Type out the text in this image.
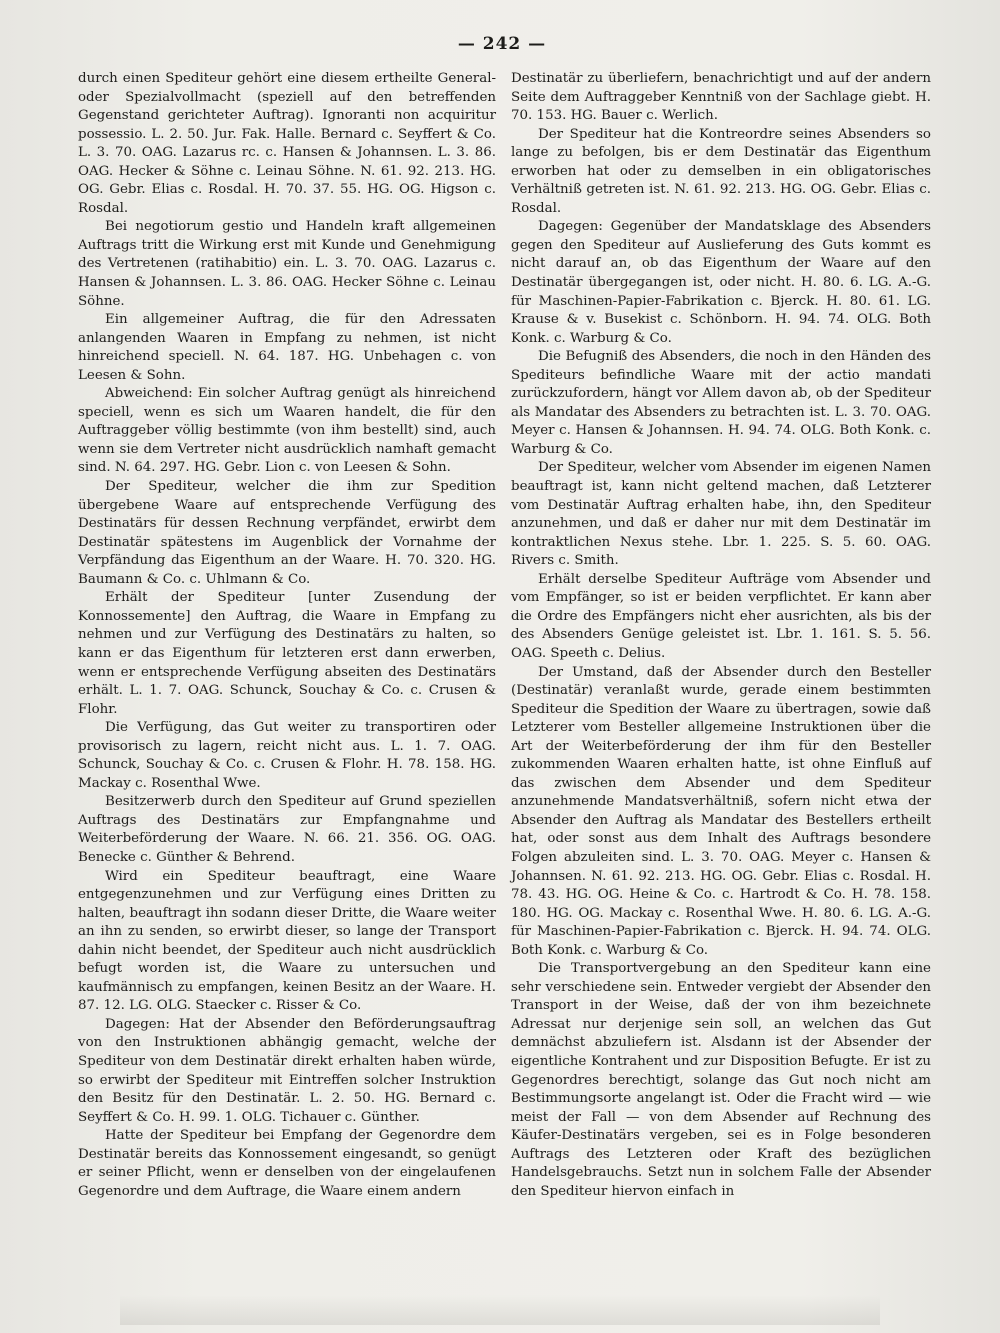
— 242 —

durch einen Spediteur gehört eine diesem ertheilte General- oder Spezialvollmacht (speziell auf den betreffenden Gegenstand gerichteter Auftrag). Ignoranti non acquiritur possessio. L. 2. 50. Jur. Fak. Halle. Bernard c. Seyffert & Co. L. 3. 70. OAG. Lazarus rc. c. Hansen & Johannsen. L. 3. 86. OAG. Hecker & Söhne c. Leinau Söhne. N. 61. 92. 213. HG. OG. Gebr. Elias c. Rosdal. H. 70. 37. 55. HG. OG. Higson c. Rosdal.

Bei negotiorum gestio und Handeln kraft allgemeinen Auftrags tritt die Wirkung erst mit Kunde und Genehmigung des Vertretenen (ratihabitio) ein. L. 3. 70. OAG. Lazarus c. Hansen & Johannsen. L. 3. 86. OAG. Hecker Söhne c. Leinau Söhne.

Ein allgemeiner Auftrag, die für den Adressaten anlangenden Waaren in Empfang zu nehmen, ist nicht hinreichend speciell. N. 64. 187. HG. Unbehagen c. von Leesen & Sohn.

Abweichend: Ein solcher Auftrag genügt als hinreichend speciell, wenn es sich um Waaren handelt, die für den Auftraggeber völlig bestimmte (von ihm bestellt) sind, auch wenn sie dem Vertreter nicht ausdrücklich namhaft gemacht sind. N. 64. 297. HG. Gebr. Lion c. von Leesen & Sohn.

Der Spediteur, welcher die ihm zur Spedition übergebene Waare auf entsprechende Verfügung des Destinatärs für dessen Rechnung verpfändet, erwirbt dem Destinatär spätestens im Augenblick der Vornahme der Verpfändung das Eigenthum an der Waare. H. 70. 320. HG. Baumann & Co. c. Uhlmann & Co.

Erhält der Spediteur [unter Zusendung der Konnossemente] den Auftrag, die Waare in Empfang zu nehmen und zur Verfügung des Destinatärs zu halten, so kann er das Eigenthum für letzteren erst dann erwerben, wenn er entsprechende Verfügung abseiten des Destinatärs erhält. L. 1. 7. OAG. Schunck, Souchay & Co. c. Crusen & Flohr.

Die Verfügung, das Gut weiter zu transportiren oder provisorisch zu lagern, reicht nicht aus. L. 1. 7. OAG. Schunck, Souchay & Co. c. Crusen & Flohr. H. 78. 158. HG. Mackay c. Rosenthal Wwe.

Besitzerwerb durch den Spediteur auf Grund speziellen Auftrags des Destinatärs zur Empfangnahme und Weiterbeförderung der Waare. N. 66. 21. 356. OG. OAG. Benecke c. Günther & Behrend.

Wird ein Spediteur beauftragt, eine Waare entgegenzunehmen und zur Verfügung eines Dritten zu halten, beauftragt ihn sodann dieser Dritte, die Waare weiter an ihn zu senden, so erwirbt dieser, so lange der Transport dahin nicht beendet, der Spediteur auch nicht ausdrücklich befugt worden ist, die Waare zu untersuchen und kaufmännisch zu empfangen, keinen Besitz an der Waare. H. 87. 12. LG. OLG. Staecker c. Risser & Co.

Dagegen: Hat der Absender den Beförderungsauftrag von den Instruktionen abhängig gemacht, welche der Spediteur von dem Destinatär direkt erhalten haben würde, so erwirbt der Spediteur mit Eintreffen solcher Instruktion den Besitz für den Destinatär. L. 2. 50. HG. Bernard c. Seyffert & Co. H. 99. 1. OLG. Tichauer c. Günther.

Hatte der Spediteur bei Empfang der Gegenordre dem Destinatär bereits das Konnossement eingesandt, so genügt er seiner Pflicht, wenn er denselben von der eingelaufenen Gegenordre und dem Auftrage, die Waare einem andern

Destinatär zu überliefern, benachrichtigt und auf der andern Seite dem Auftraggeber Kenntniß von der Sachlage giebt. H. 70. 153. HG. Bauer c. Werlich.

Der Spediteur hat die Kontreordre seines Absenders so lange zu befolgen, bis er dem Destinatär das Eigenthum erworben hat oder zu demselben in ein obligatorisches Verhältniß getreten ist. N. 61. 92. 213. HG. OG. Gebr. Elias c. Rosdal.

Dagegen: Gegenüber der Mandatsklage des Absenders gegen den Spediteur auf Auslieferung des Guts kommt es nicht darauf an, ob das Eigenthum der Waare auf den Destinatär übergegangen ist, oder nicht. H. 80. 6. LG. A.-G. für Maschinen-Papier-Fabrikation c. Bjerck. H. 80. 61. LG. Krause & v. Busekist c. Schönborn. H. 94. 74. OLG. Both Konk. c. Warburg & Co.

Die Befugniß des Absenders, die noch in den Händen des Spediteurs befindliche Waare mit der actio mandati zurückzufordern, hängt vor Allem davon ab, ob der Spediteur als Mandatar des Absenders zu betrachten ist. L. 3. 70. OAG. Meyer c. Hansen & Johannsen. H. 94. 74. OLG. Both Konk. c. Warburg & Co.

Der Spediteur, welcher vom Absender im eigenen Namen beauftragt ist, kann nicht geltend machen, daß Letzterer vom Destinatär Auftrag erhalten habe, ihn, den Spediteur anzunehmen, und daß er daher nur mit dem Destinatär im kontraktlichen Nexus stehe. Lbr. 1. 225. S. 5. 60. OAG. Rivers c. Smith.

Erhält derselbe Spediteur Aufträge vom Absender und vom Empfänger, so ist er beiden verpflichtet. Er kann aber die Ordre des Empfängers nicht eher ausrichten, als bis der des Absenders Genüge geleistet ist. Lbr. 1. 161. S. 5. 56. OAG. Speeth c. Delius.

Der Umstand, daß der Absender durch den Besteller (Destinatär) veranlaßt wurde, gerade einem bestimmten Spediteur die Spedition der Waare zu übertragen, sowie daß Letzterer vom Besteller allgemeine Instruktionen über die Art der Weiterbeförderung der ihm für den Besteller zukommenden Waaren erhalten hatte, ist ohne Einfluß auf das zwischen dem Absender und dem Spediteur anzunehmende Mandatsverhältniß, sofern nicht etwa der Absender den Auftrag als Mandatar des Bestellers ertheilt hat, oder sonst aus dem Inhalt des Auftrags besondere Folgen abzuleiten sind. L. 3. 70. OAG. Meyer c. Hansen & Johannsen. N. 61. 92. 213. HG. OG. Gebr. Elias c. Rosdal. H. 78. 43. HG. OG. Heine & Co. c. Hartrodt & Co. H. 78. 158. 180. HG. OG. Mackay c. Rosenthal Wwe. H. 80. 6. LG. A.-G. für Maschinen-Papier-Fabrikation c. Bjerck. H. 94. 74. OLG. Both Konk. c. Warburg & Co.

Die Transportvergebung an den Spediteur kann eine sehr verschiedene sein. Entweder vergiebt der Absender den Transport in der Weise, daß der von ihm bezeichnete Adressat nur derjenige sein soll, an welchen das Gut demnächst abzuliefern ist. Alsdann ist der Absender der eigentliche Kontrahent und zur Disposition Befugte. Er ist zu Gegenordres berechtigt, solange das Gut noch nicht am Bestimmungsorte angelangt ist. Oder die Fracht wird — wie meist der Fall — von dem Absender auf Rechnung des Käufer-Destinatärs vergeben, sei es in Folge besonderen Auftrags des Letzteren oder Kraft des bezüglichen Handelsgebrauchs. Setzt nun in solchem Falle der Absender den Spediteur hiervon einfach in
